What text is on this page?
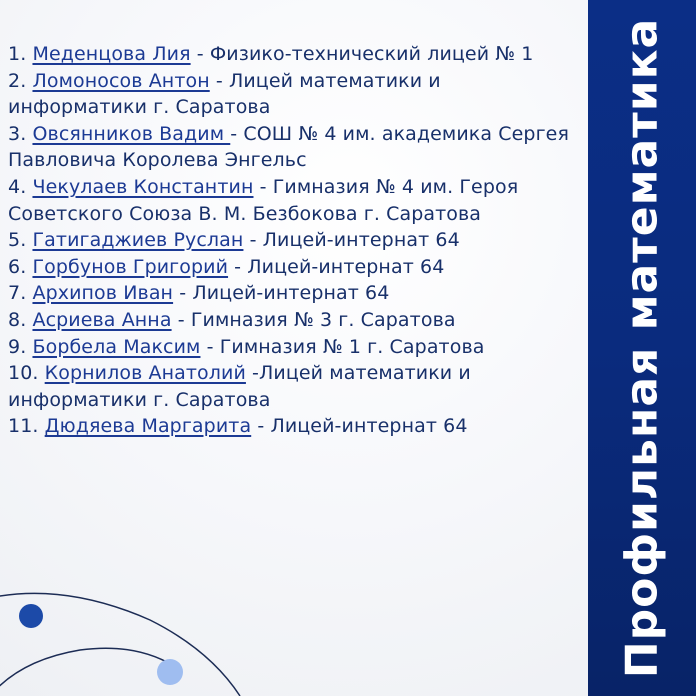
1. Меденцова Лия - Физико-технический лицей № 1
2. Ломоносов Антон - Лицей математики и информатики г. Саратова
3. Овсянников Вадим - СОШ № 4 им. академика Сергея Павловича Королева Энгельс
4. Чекулаев Константин - Гимназия № 4 им. Героя Советского Союза В. М. Безбокова г. Саратова
5. Гатигаджиев Руслан - Лицей-интернат 64
6. Горбунов Григорий - Лицей-интернат 64
7. Архипов Иван - Лицей-интернат 64
8. Асриева Анна - Гимназия № 3 г. Саратова
9. Борбела Максим - Гимназия № 1 г. Саратова
10. Корнилов Анатолий -Лицей математики и информатики г. Саратова
11. Дюдяева Маргарита - Лицей-интернат 64	Профильная математика
